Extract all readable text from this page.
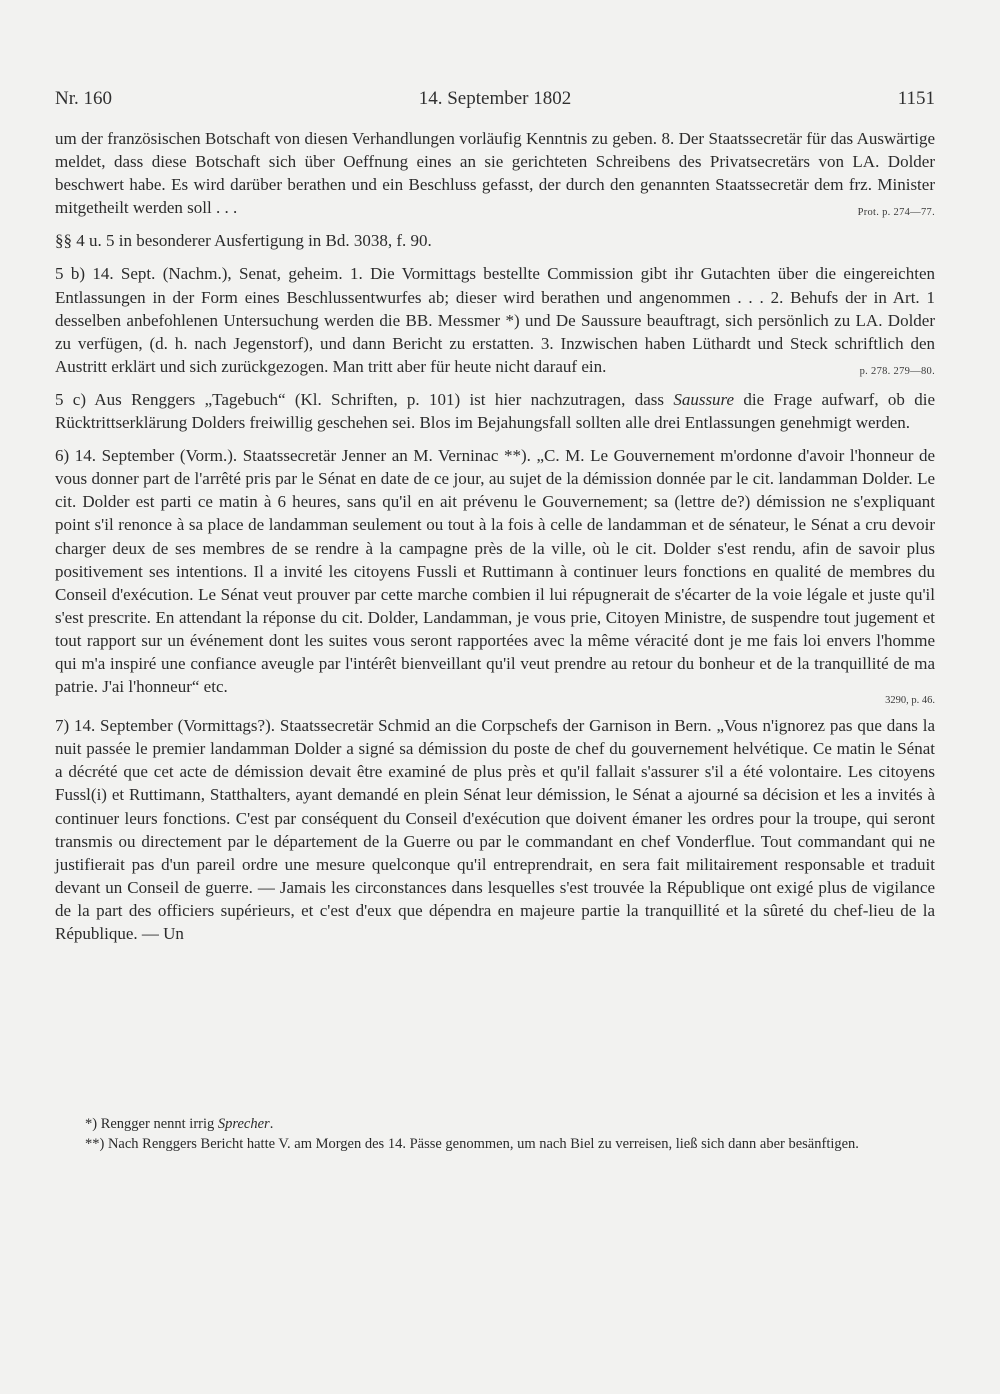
Nr. 160	14. September 1802	1151

um der französischen Botschaft von diesen Verhandlungen vorläufig Kenntnis zu geben. 8. Der Staatssecretär für das Auswärtige meldet, dass diese Botschaft sich über Oeffnung eines an sie gerichteten Schreibens des Privatsecretärs von LA. Dolder beschwert habe. Es wird darüber berathen und ein Beschluss gefasst, der durch den genannten Staatssecretär dem frz. Minister mitgetheilt werden soll . . .	Prot. p. 274—77.

§§ 4 u. 5 in besonderer Ausfertigung in Bd. 3038, f. 90.

5 b) 14. Sept. (Nachm.), Senat, geheim. 1. Die Vormittags bestellte Commission gibt ihr Gutachten über die eingereichten Entlassungen in der Form eines Beschlussentwurfes ab; dieser wird berathen und angenommen . . . 2. Behufs der in Art. 1 desselben anbefohlenen Untersuchung werden die BB. Messmer *) und De Saussure beauftragt, sich persönlich zu LA. Dolder zu verfügen, (d. h. nach Jegenstorf), und dann Bericht zu erstatten. 3. Inzwischen haben Lüthardt und Steck schriftlich den Austritt erklärt und sich zurückgezogen. Man tritt aber für heute nicht darauf ein.	p. 278. 279—80.

5 c) Aus Renggers „Tagebuch“ (Kl. Schriften, p. 101) ist hier nachzutragen, dass Saussure die Frage aufwarf, ob die Rücktrittserklärung Dolders freiwillig geschehen sei. Blos im Bejahungsfall sollten alle drei Entlassungen genehmigt werden.

6) 14. September (Vorm.). Staatssecretär Jenner an M. Verninac **). „C. M. Le Gouvernement m'ordonne d'avoir l'honneur de vous donner part de l'arrêté pris par le Sénat en date de ce jour, au sujet de la démission donnée par le cit. landamman Dolder. Le cit. Dolder est parti ce matin à 6 heures, sans qu'il en ait prévenu le Gouvernement; sa (lettre de?) démission ne s'expliquant point s'il renonce à sa place de landamman seulement ou tout à la fois à celle de landamman et de sénateur, le Sénat a cru devoir charger deux de ses membres de se rendre à la campagne près de la ville, où le cit. Dolder s'est rendu, afin de savoir plus positivement ses intentions. Il a invité les citoyens Fussli et Ruttimann à continuer leurs fonctions en qualité de membres du Conseil d'exécution. Le Sénat veut prouver par cette marche combien il lui répugnerait de s'écarter de la voie légale et juste qu'il s'est prescrite. En attendant la réponse du cit. Dolder, Landamman, je vous prie, Citoyen Ministre, de suspendre tout jugement et tout rapport sur un événement dont les suites vous seront rapportées avec la même véracité dont je me fais loi envers l'homme qui m'a inspiré une confiance aveugle par l'intérêt bienveillant qu'il veut prendre au retour du bonheur et de la tranquillité de ma patrie. J'ai l'honneur“ etc.

3290, p. 46.

7) 14. September (Vormittags?). Staatssecretär Schmid an die Corpschefs der Garnison in Bern. „Vous n'ignorez pas que dans la nuit passée le premier landamman Dolder a signé sa démission du poste de chef du gouvernement helvétique. Ce matin le Sénat a décrété que cet acte de démission devait être examiné de plus près et qu'il fallait s'assurer s'il a été volontaire. Les citoyens Fussl(i) et Ruttimann, Statthalters, ayant demandé en plein Sénat leur démission, le Sénat a ajourné sa décision et les a invités à continuer leurs fonctions. C'est par conséquent du Conseil d'exécution que doivent émaner les ordres pour la troupe, qui seront transmis ou directement par le département de la Guerre ou par le commandant en chef Vonderflue. Tout commandant qui ne justifierait pas d'un pareil ordre une mesure quelconque qu'il entreprendrait, en sera fait militairement responsable et traduit devant un Conseil de guerre. — Jamais les circonstances dans lesquelles s'est trouvée la République ont exigé plus de vigilance de la part des officiers supérieurs, et c'est d'eux que dépendra en majeure partie la tranquillité et la sûreté du chef-lieu de la République. — Un

*) Rengger nennt irrig Sprecher.

**) Nach Renggers Bericht hatte V. am Morgen des 14. Pässe genommen, um nach Biel zu verreisen, ließ sich dann aber besänftigen.
